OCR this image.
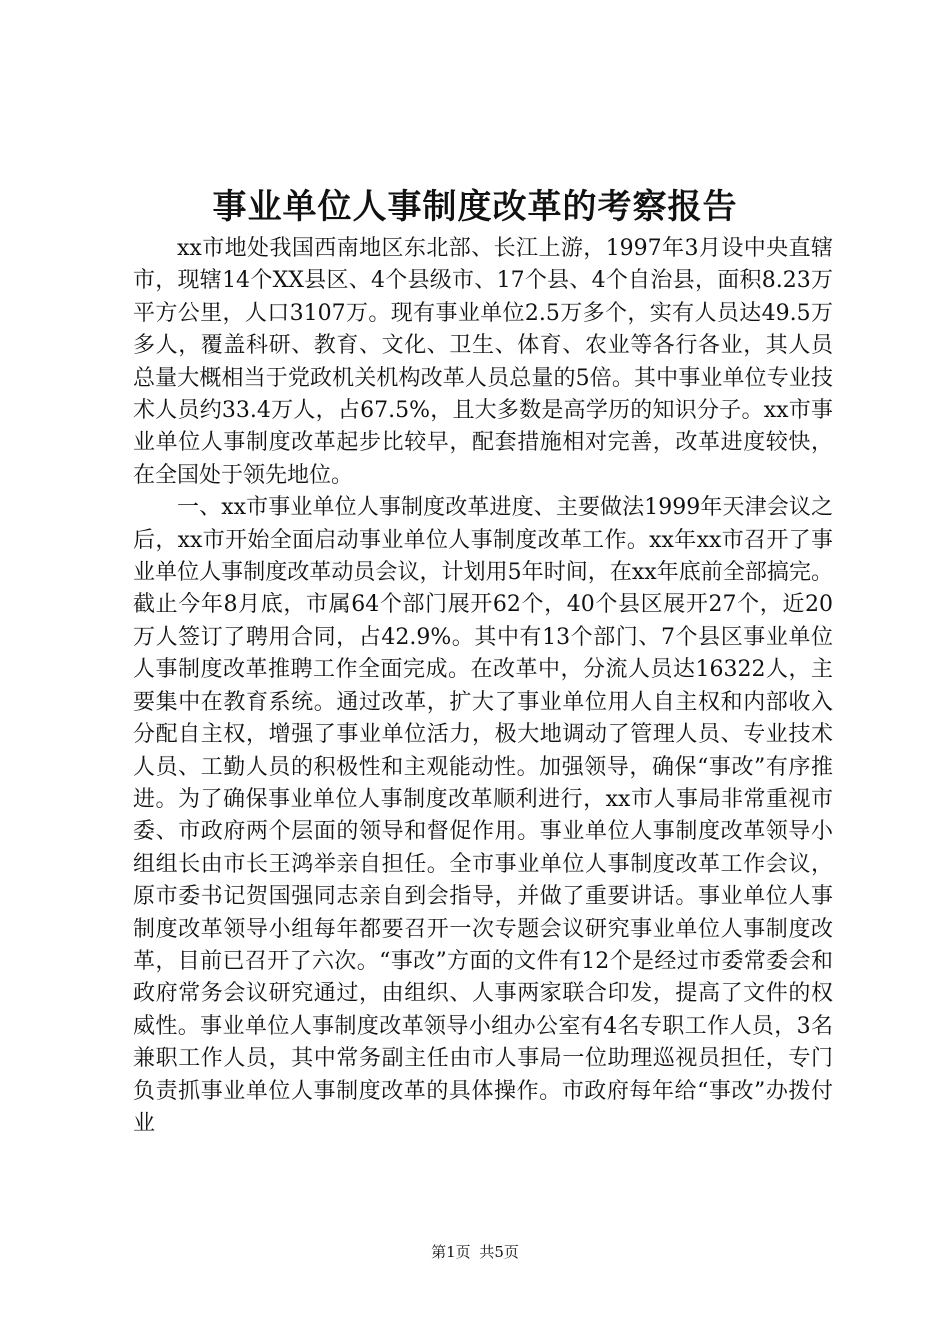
事业单位人事制度改革的考察报告

xx市地处我国西南地区东北部、长江上游，1997年3月设中央直辖市，现辖14个XX县区、4个县级市、17个县、4个自治县，面积8.23万平方公里，人口3107万。现有事业单位2.5万多个，实有人员达49.5万多人，覆盖科研、教育、文化、卫生、体育、农业等各行各业，其人员总量大概相当于党政机关机构改革人员总量的5倍。其中事业单位专业技术人员约33.4万人，占67.5%，且大多数是高学历的知识分子。xx市事业单位人事制度改革起步比较早，配套措施相对完善，改革进度较快，在全国处于领先地位。

一、xx市事业单位人事制度改革进度、主要做法1999年天津会议之后，xx市开始全面启动事业单位人事制度改革工作。xx年xx市召开了事业单位人事制度改革动员会议，计划用5年时间，在xx年底前全部搞完。截止今年8月底，市属64个部门展开62个，40个县区展开27个，近20万人签订了聘用合同，占42.9%。其中有13个部门、7个县区事业单位人事制度改革推聘工作全面完成。在改革中，分流人员达16322人，主要集中在教育系统。通过改革，扩大了事业单位用人自主权和内部收入分配自主权，增强了事业单位活力，极大地调动了管理人员、专业技术人员、工勤人员的积极性和主观能动性。加强领导，确保“事改”有序推进。为了确保事业单位人事制度改革顺利进行，xx市人事局非常重视市委、市政府两个层面的领导和督促作用。事业单位人事制度改革领导小组组长由市长王鸿举亲自担任。全市事业单位人事制度改革工作会议，原市委书记贺国强同志亲自到会指导，并做了重要讲话。事业单位人事制度改革领导小组每年都要召开一次专题会议研究事业单位人事制度改革，目前已召开了六次。“事改”方面的文件有12个是经过市委常委会和政府常务会议研究通过，由组织、人事两家联合印发，提高了文件的权威性。事业单位人事制度改革领导小组办公室有4名专职工作人员，3名兼职工作人员，其中常务副主任由市人事局一位助理巡视员担任，专门负责抓事业单位人事制度改革的具体操作。市政府每年给“事改”办拨付业

第1页 共5页
